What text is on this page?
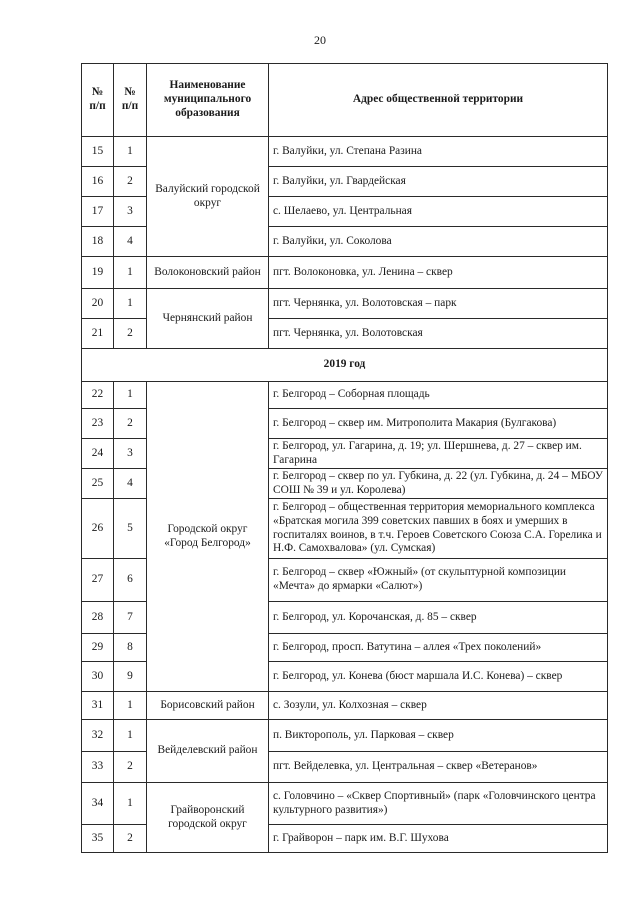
20
№ п/п	№ п/п	Наименование муниципального образования	Адрес общественной территории
15	1	Валуйский городской округ	г. Валуйки, ул. Степана Разина
16	2		г. Валуйки, ул. Гвардейская
17	3		с. Шелаево, ул. Центральная
18	4		г. Валуйки, ул. Соколова
19	1	Волоконовский район	пгт. Волоконовка, ул. Ленина – сквер
20	1	Чернянский район	пгт. Чернянка, ул. Волотовская – парк
21	2		пгт. Чернянка, ул. Волотовская
2019 год			
22	1	Городской округ «Город Белгород»	г. Белгород – Соборная площадь
23	2		г. Белгород – сквер им. Митрополита Макария (Булгакова)
24	3		г. Белгород, ул. Гагарина, д. 19; ул. Шершнева, д. 27 – сквер им. Гагарина
25	4		г. Белгород – сквер по ул. Губкина, д. 22 (ул. Губкина, д. 24 – МБОУ СОШ № 39 и ул. Королева)
26	5		г. Белгород – общественная территория мемориального комплекса «Братская могила 399 советских павших в боях и умерших в госпиталях воинов, в т.ч. Героев Советского Союза С.А. Горелика и Н.Ф. Самохвалова» (ул. Сумская)
27	6		г. Белгород – сквер «Южный» (от скульптурной композиции «Мечта» до ярмарки «Салют»)
28	7		г. Белгород, ул. Корочанская, д. 85 – сквер
29	8		г. Белгород, просп. Ватутина – аллея «Трех поколений»
30	9		г. Белгород, ул. Конева (бюст маршала И.С. Конева) – сквер
31	1	Борисовский район	с. Зозули, ул. Колхозная – сквер
32	1	Вейделевский район	п. Викторополь, ул. Парковая – сквер
33	2		пгт. Вейделевка, ул. Центральная – сквер «Ветеранов»
34	1	Грайворонский городской округ	с. Головчино – «Сквер Спортивный» (парк «Головчинского центра культурного развития»)
35	2		г. Грайворон – парк им. В.Г. Шухова
